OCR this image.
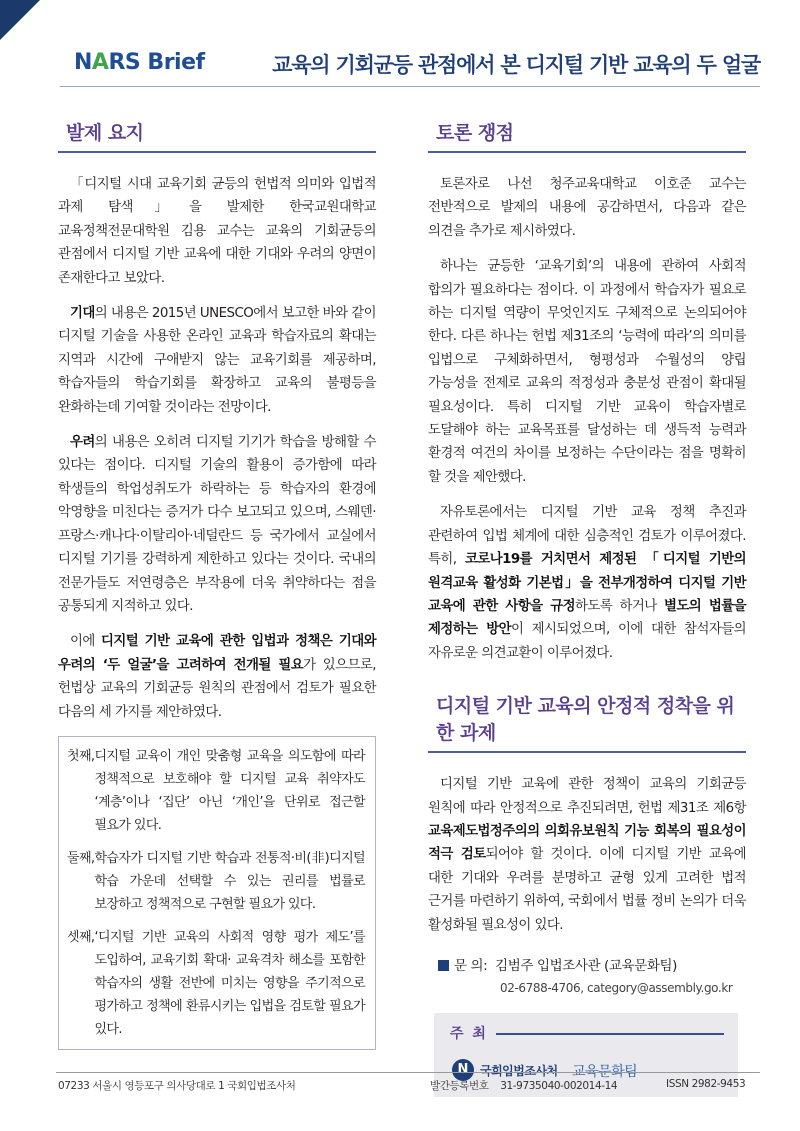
NARS Brief	교육의 기회균등 관점에서 본 디지털 기반 교육의 두 얼굴
발제 요지

「디지털 시대 교육기회 균등의 헌법적 의미와 입법적 과제 탐색」을 발제한 한국교원대학교 교육정책전문대학원 김용 교수는 교육의 기회균등의 관점에서 디지털 기반 교육에 대한 기대와 우려의 양면이 존재한다고 보았다.

기대의 내용은 2015년 UNESCO에서 보고한 바와 같이 디지털 기술을 사용한 온라인 교육과 학습자료의 확대는 지역과 시간에 구애받지 않는 교육기회를 제공하며, 학습자들의 학습기회를 확장하고 교육의 불평등을 완화하는데 기여할 것이라는 전망이다.

우려의 내용은 오히려 디지털 기기가 학습을 방해할 수 있다는 점이다. 디지털 기술의 활용이 증가함에 따라 학생들의 학업성취도가 하락하는 등 학습자의 환경에 악영향을 미친다는 증거가 다수 보고되고 있으며, 스웨덴·프랑스·캐나다·이탈리아·네덜란드 등 국가에서 교실에서 디지털 기기를 강력하게 제한하고 있다는 것이다. 국내의 전문가들도 저연령층은 부작용에 더욱 취약하다는 점을 공통되게 지적하고 있다.

이에 디지털 기반 교육에 관한 입법과 정책은 기대와 우려의 ‘두 얼굴’을 고려하여 전개될 필요가 있으므로, 헌법상 교육의 기회균등 원칙의 관점에서 검토가 필요한 다음의 세 가지를 제안하였다.

첫째, 디지털 교육이 개인 맞춤형 교육을 의도함에 따라 정책적으로 보호해야 할 디지털 교육 취약자도 ‘계층’이나 ‘집단’ 아닌 ‘개인’을 단위로 접근할 필요가 있다.
둘째, 학습자가 디지털 기반 학습과 전통적·비(非)디지털 학습 가운데 선택할 수 있는 권리를 법률로 보장하고 정책적으로 구현할 필요가 있다.
셋째, ‘디지털 기반 교육의 사회적 영향 평가 제도’를 도입하여, 교육기회 확대· 교육격차 해소를 포함한 학습자의 생활 전반에 미치는 영향을 주기적으로 평가하고 정책에 환류시키는 입법을 검토할 필요가 있다.
토론 쟁점

토론자로 나선 청주교육대학교 이호준 교수는 전반적으로 발제의 내용에 공감하면서, 다음과 같은 의견을 추가로 제시하였다.

하나는 균등한 ‘교육기회’의 내용에 관하여 사회적 합의가 필요하다는 점이다. 이 과정에서 학습자가 필요로 하는 디지털 역량이 무엇인지도 구체적으로 논의되어야 한다. 다른 하나는 헌법 제31조의 ‘능력에 따라’의 의미를 입법으로 구체화하면서, 형평성과 수월성의 양립 가능성을 전제로 교육의 적정성과 충분성 관점이 확대될 필요성이다. 특히 디지털 기반 교육이 학습자별로 도달해야 하는 교육목표를 달성하는 데 생득적 능력과 환경적 여건의 차이를 보정하는 수단이라는 점을 명확히 할 것을 제안했다.

자유토론에서는 디지털 기반 교육 정책 추진과 관련하여 입법 체계에 대한 심층적인 검토가 이루어졌다. 특히, 코로나19를 거치면서 제정된 「디지털 기반의 원격교육 활성화 기본법」을 전부개정하여 디지털 기반 교육에 관한 사항을 규정하도록 하거나 별도의 법률을 제정하는 방안이 제시되었으며, 이에 대한 참석자들의 자유로운 의견교환이 이루어졌다.

디지털 기반 교육의 안정적 정착을 위한 과제

디지털 기반 교육에 관한 정책이 교육의 기회균등 원칙에 따라 안정적으로 추진되려면, 헌법 제31조 제6항 교육제도법정주의의 의회유보원칙 기능 회복의 필요성이 적극 검토되어야 할 것이다. 이에 디지털 기반 교육에 대한 기대와 우려를 분명하고 균형 있게 고려한 법적 근거를 마련하기 위하여, 국회에서 법률 정비 논의가 더욱 활성화될 필요성이 있다.

문 의: 김범주 입법조사관 (교육문화팀)
02-6788-4706, category@assembly.go.kr
주 최
N 국회입법조사처 교육문화팀
07233 서울시 영등포구 의사당대로 1 국회입법조사처	발간등록번호 31-9735040-002014-14	ISSN 2982-9453
